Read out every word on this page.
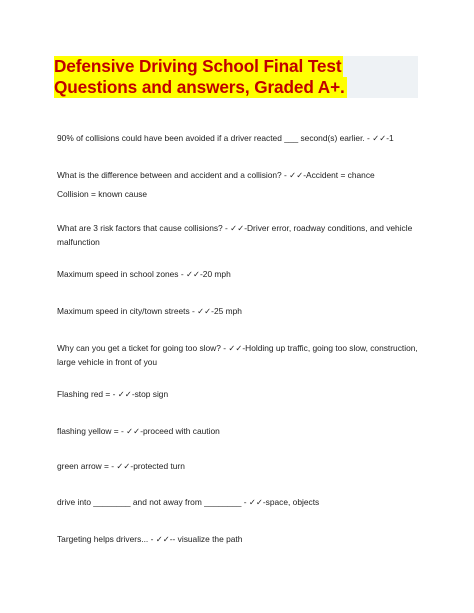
Defensive Driving School Final Test
Questions and answers, Graded A+.
90% of collisions could have been avoided if a driver reacted ___ second(s) earlier. - ✓✓-1
What is the difference between and accident and a collision? - ✓✓-Accident = chance
Collision = known cause
What are 3 risk factors that cause collisions? - ✓✓-Driver error, roadway conditions, and vehicle malfunction
Maximum speed in school zones - ✓✓-20 mph
Maximum speed in city/town streets - ✓✓-25 mph
Why can you get a ticket for going too slow? - ✓✓-Holding up traffic, going too slow, construction, large vehicle in front of you
Flashing red = - ✓✓-stop sign
flashing yellow = - ✓✓-proceed with caution
green arrow = - ✓✓-protected turn
drive into ________ and not away from ________ - ✓✓-space, objects
Targeting helps drivers... - ✓✓-- visualize the path
